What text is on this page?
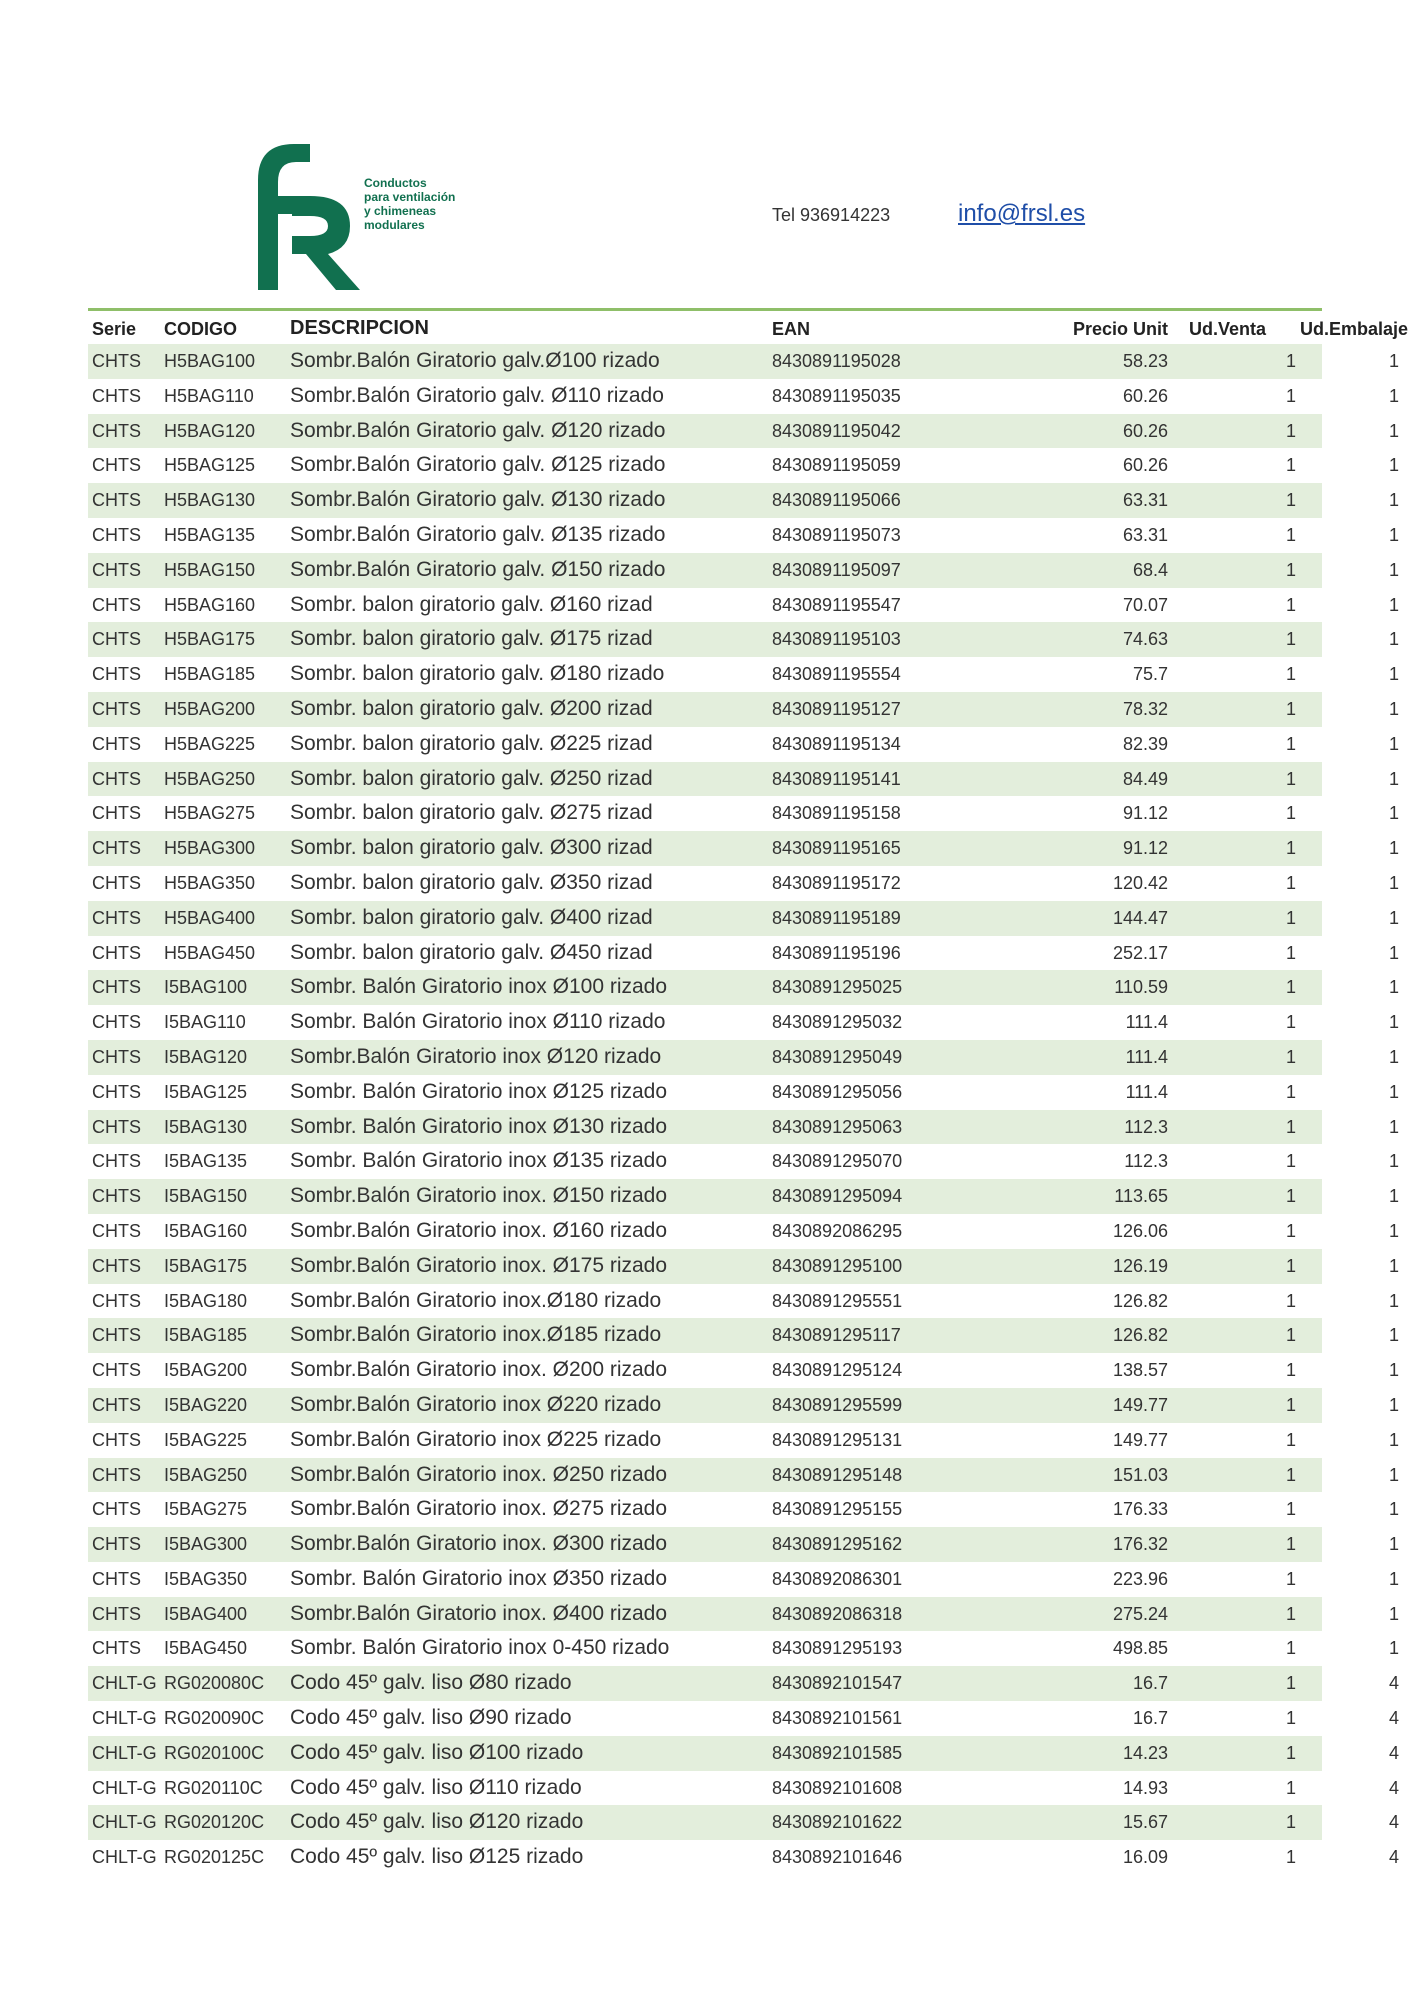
Conductos
para ventilación
y chimeneas
modulares	Tel 936914223	info@frsl.es
Serie CODIGO	DESCRIPCION	EAN	Precio Unit	Ud.Venta	Ud.Embalaje
CHTS	H5BAG100	Sombr.Balón Giratorio galv.Ø100 rizado	8430891195028	58.23	1	1
CHTS	H5BAG110	Sombr.Balón Giratorio galv. Ø110 rizado	8430891195035	60.26	1	1
CHTS	H5BAG120	Sombr.Balón Giratorio galv. Ø120 rizado	8430891195042	60.26	1	1
CHTS	H5BAG125	Sombr.Balón Giratorio galv. Ø125 rizado	8430891195059	60.26	1	1
CHTS	H5BAG130	Sombr.Balón Giratorio galv. Ø130 rizado	8430891195066	63.31	1	1
CHTS	H5BAG135	Sombr.Balón Giratorio galv. Ø135 rizado	8430891195073	63.31	1	1
CHTS	H5BAG150	Sombr.Balón Giratorio galv. Ø150 rizado	8430891195097	68.4	1	1
CHTS	H5BAG160	Sombr. balon giratorio galv. Ø160 rizad	8430891195547	70.07	1	1
CHTS	H5BAG175	Sombr. balon giratorio galv. Ø175 rizad	8430891195103	74.63	1	1
CHTS	H5BAG185	Sombr. balon giratorio galv. Ø180 rizado	8430891195554	75.7	1	1
CHTS	H5BAG200	Sombr. balon giratorio galv. Ø200 rizad	8430891195127	78.32	1	1
CHTS	H5BAG225	Sombr. balon giratorio galv. Ø225 rizad	8430891195134	82.39	1	1
CHTS	H5BAG250	Sombr. balon giratorio galv. Ø250 rizad	8430891195141	84.49	1	1
CHTS	H5BAG275	Sombr. balon giratorio galv. Ø275 rizad	8430891195158	91.12	1	1
CHTS	H5BAG300	Sombr. balon giratorio galv. Ø300 rizad	8430891195165	91.12	1	1
CHTS	H5BAG350	Sombr. balon giratorio galv. Ø350 rizad	8430891195172	120.42	1	1
CHTS	H5BAG400	Sombr. balon giratorio galv. Ø400 rizad	8430891195189	144.47	1	1
CHTS	H5BAG450	Sombr. balon giratorio galv. Ø450 rizad	8430891195196	252.17	1	1
CHTS	I5BAG100	Sombr. Balón Giratorio inox Ø100 rizado	8430891295025	110.59	1	1
CHTS	I5BAG110	Sombr. Balón Giratorio inox Ø110 rizado	8430891295032	111.4	1	1
CHTS	I5BAG120	Sombr.Balón Giratorio inox Ø120 rizado	8430891295049	111.4	1	1
CHTS	I5BAG125	Sombr. Balón Giratorio inox Ø125 rizado	8430891295056	111.4	1	1
CHTS	I5BAG130	Sombr. Balón Giratorio inox Ø130 rizado	8430891295063	112.3	1	1
CHTS	I5BAG135	Sombr. Balón Giratorio inox Ø135 rizado	8430891295070	112.3	1	1
CHTS	I5BAG150	Sombr.Balón Giratorio inox. Ø150 rizado	8430891295094	113.65	1	1
CHTS	I5BAG160	Sombr.Balón Giratorio inox. Ø160 rizado	8430892086295	126.06	1	1
CHTS	I5BAG175	Sombr.Balón Giratorio inox. Ø175 rizado	8430891295100	126.19	1	1
CHTS	I5BAG180	Sombr.Balón Giratorio inox.Ø180 rizado	8430891295551	126.82	1	1
CHTS	I5BAG185	Sombr.Balón Giratorio inox.Ø185 rizado	8430891295117	126.82	1	1
CHTS	I5BAG200	Sombr.Balón Giratorio inox. Ø200 rizado	8430891295124	138.57	1	1
CHTS	I5BAG220	Sombr.Balón Giratorio inox Ø220 rizado	8430891295599	149.77	1	1
CHTS	I5BAG225	Sombr.Balón Giratorio inox Ø225 rizado	8430891295131	149.77	1	1
CHTS	I5BAG250	Sombr.Balón Giratorio inox. Ø250 rizado	8430891295148	151.03	1	1
CHTS	I5BAG275	Sombr.Balón Giratorio inox. Ø275 rizado	8430891295155	176.33	1	1
CHTS	I5BAG300	Sombr.Balón Giratorio inox. Ø300 rizado	8430891295162	176.32	1	1
CHTS	I5BAG350	Sombr. Balón Giratorio inox Ø350 rizado	8430892086301	223.96	1	1
CHTS	I5BAG400	Sombr.Balón Giratorio inox. Ø400 rizado	8430892086318	275.24	1	1
CHTS	I5BAG450	Sombr. Balón Giratorio inox 0-450 rizado	8430891295193	498.85	1	1
CHLT-G RG020080C	Codo 45º galv. liso Ø80 rizado	8430892101547	16.7	1	4
CHLT-G RG020090C	Codo 45º galv. liso Ø90 rizado	8430892101561	16.7	1	4
CHLT-G RG020100C	Codo 45º galv. liso Ø100 rizado	8430892101585	14.23	1	4
CHLT-G RG020110C	Codo 45º galv. liso Ø110 rizado	8430892101608	14.93	1	4
CHLT-G RG020120C	Codo 45º galv. liso Ø120 rizado	8430892101622	15.67	1	4
CHLT-G RG020125C	Codo 45º galv. liso Ø125 rizado	8430892101646	16.09	1	4
